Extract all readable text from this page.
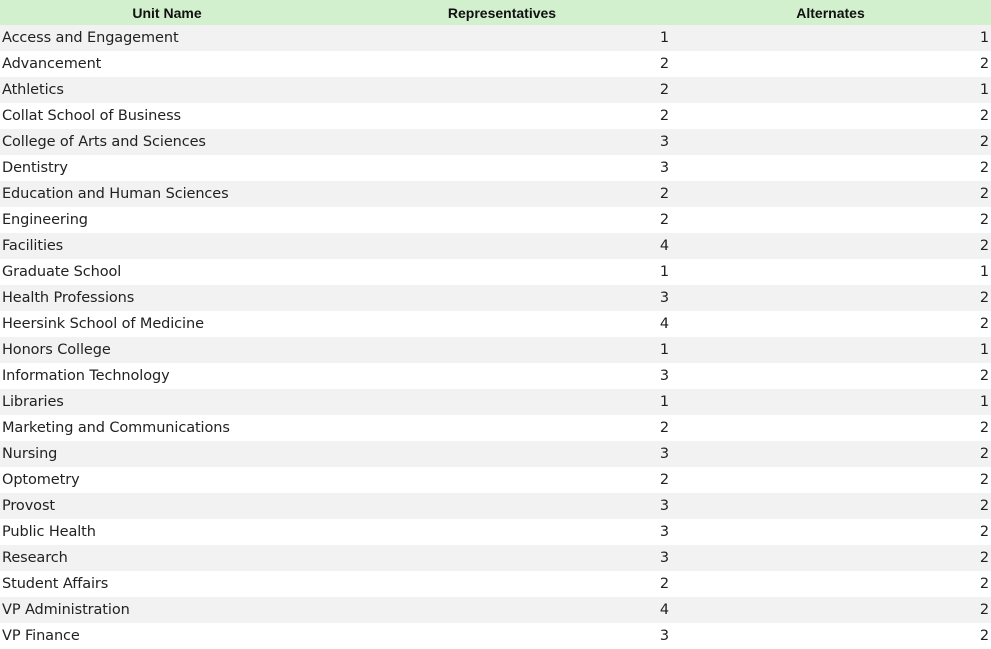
Unit Name	Representatives	Alternates
Access and Engagement	1	1
Advancement	2	2
Athletics	2	1
Collat School of Business	2	2
College of Arts and Sciences	3	2
Dentistry	3	2
Education and Human Sciences	2	2
Engineering	2	2
Facilities	4	2
Graduate School	1	1
Health Professions	3	2
Heersink School of Medicine	4	2
Honors College	1	1
Information Technology	3	2
Libraries	1	1
Marketing and Communications	2	2
Nursing	3	2
Optometry	2	2
Provost	3	2
Public Health	3	2
Research	3	2
Student Affairs	2	2
VP Administration	4	2
VP Finance	3	2
